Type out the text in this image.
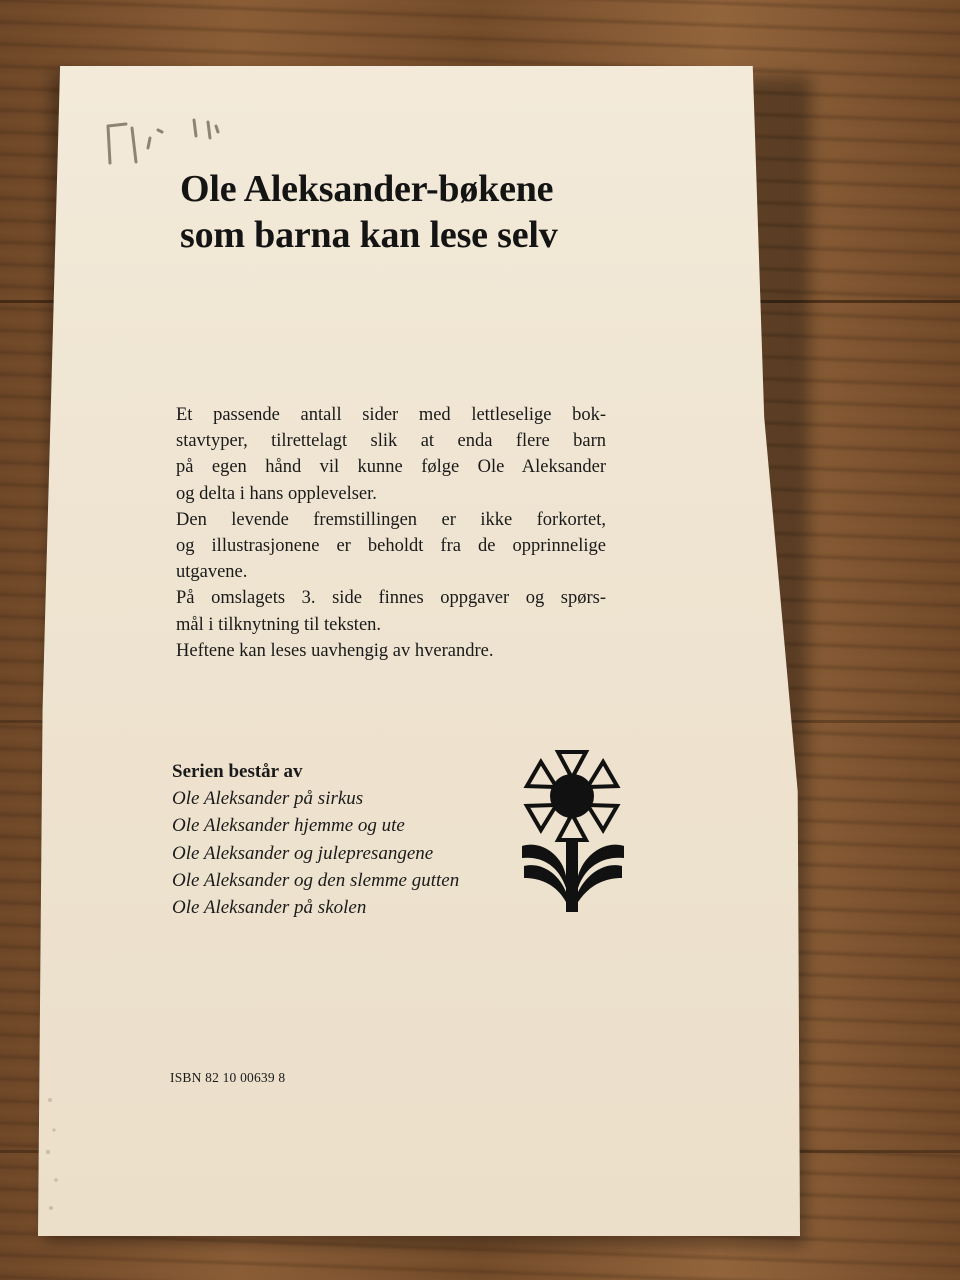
Ole Aleksander-bøkene
som barna kan lese selv
Et passende antall sider med lettleselige bok-
stavtyper, tilrettelagt slik at enda flere barn
på egen hånd vil kunne følge Ole Aleksander
og delta i hans opplevelser.
Den levende fremstillingen er ikke forkortet,
og illustrasjonene er beholdt fra de opprinnelige
utgavene.
På omslagets 3. side finnes oppgaver og spørs-
mål i tilknytning til teksten.
Heftene kan leses uavhengig av hverandre.
Serien består av
Ole Aleksander på sirkus
Ole Aleksander hjemme og ute
Ole Aleksander og julepresangene
Ole Aleksander og den slemme gutten
Ole Aleksander på skolen
ISBN 82 10 00639 8
